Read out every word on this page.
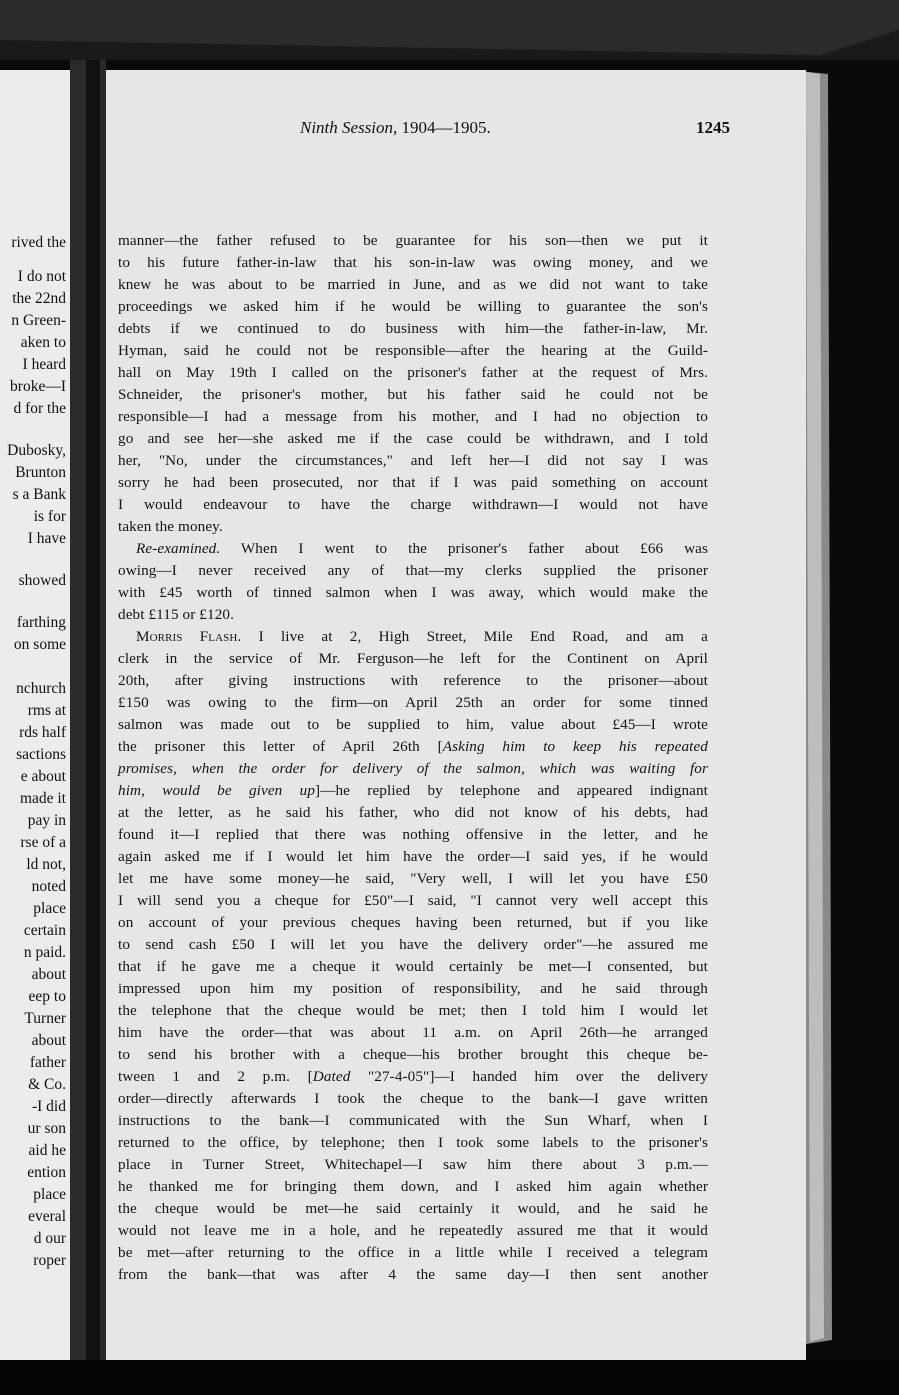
rived the
I do not
the 22nd
n Green-
aken to
I heard
broke—I
d for the
Dubosky,
Brunton
s a Bank
is for
I have
showed
farthing
on some
nchurch
rms at
rds half
sactions
e about
made it
pay in
rse of a
ld not,
noted
place
certain
n paid.
about
eep to
Turner
about
father
& Co.
-I did
ur son
aid he
ention
place
everal
d our
roper
Ninth Session, 1904—1905.	1245
manner—the father refused to be guarantee for his son—then we put it
to his future father-in-law that his son-in-law was owing money, and we
knew he was about to be married in June, and as we did not want to take
proceedings we asked him if he would be willing to guarantee the son's
debts if we continued to do business with him—the father-in-law, Mr.
Hyman, said he could not be responsible—after the hearing at the Guild-
hall on May 19th I called on the prisoner's father at the request of Mrs.
Schneider, the prisoner's mother, but his father said he could not be
responsible—I had a message from his mother, and I had no objection to
go and see her—she asked me if the case could be withdrawn, and I told
her, "No, under the circumstances," and left her—I did not say I was
sorry he had been prosecuted, nor that if I was paid something on account
I would endeavour to have the charge withdrawn—I would not have
taken the money.
Re-examined. When I went to the prisoner's father about £66 was
owing—I never received any of that—my clerks supplied the prisoner
with £45 worth of tinned salmon when I was away, which would make the
debt £115 or £120.
Morris Flash. I live at 2, High Street, Mile End Road, and am a
clerk in the service of Mr. Ferguson—he left for the Continent on April
20th, after giving instructions with reference to the prisoner—about
£150 was owing to the firm—on April 25th an order for some tinned
salmon was made out to be supplied to him, value about £45—I wrote
the prisoner this letter of April 26th [Asking him to keep his repeated
promises, when the order for delivery of the salmon, which was waiting for
him, would be given up]—he replied by telephone and appeared indignant
at the letter, as he said his father, who did not know of his debts, had
found it—I replied that there was nothing offensive in the letter, and he
again asked me if I would let him have the order—I said yes, if he would
let me have some money—he said, "Very well, I will let you have £50
I will send you a cheque for £50"—I said, "I cannot very well accept this
on account of your previous cheques having been returned, but if you like
to send cash £50 I will let you have the delivery order"—he assured me
that if he gave me a cheque it would certainly be met—I consented, but
impressed upon him my position of responsibility, and he said through
the telephone that the cheque would be met; then I told him I would let
him have the order—that was about 11 a.m. on April 26th—he arranged
to send his brother with a cheque—his brother brought this cheque be-
tween 1 and 2 p.m. [Dated "27-4-05"]—I handed him over the delivery
order—directly afterwards I took the cheque to the bank—I gave written
instructions to the bank—I communicated with the Sun Wharf, when I
returned to the office, by telephone; then I took some labels to the prisoner's
place in Turner Street, Whitechapel—I saw him there about 3 p.m.—
he thanked me for bringing them down, and I asked him again whether
the cheque would be met—he said certainly it would, and he said he
would not leave me in a hole, and he repeatedly assured me that it would
be met—after returning to the office in a little while I received a telegram
from the bank—that was after 4 the same day—I then sent another
